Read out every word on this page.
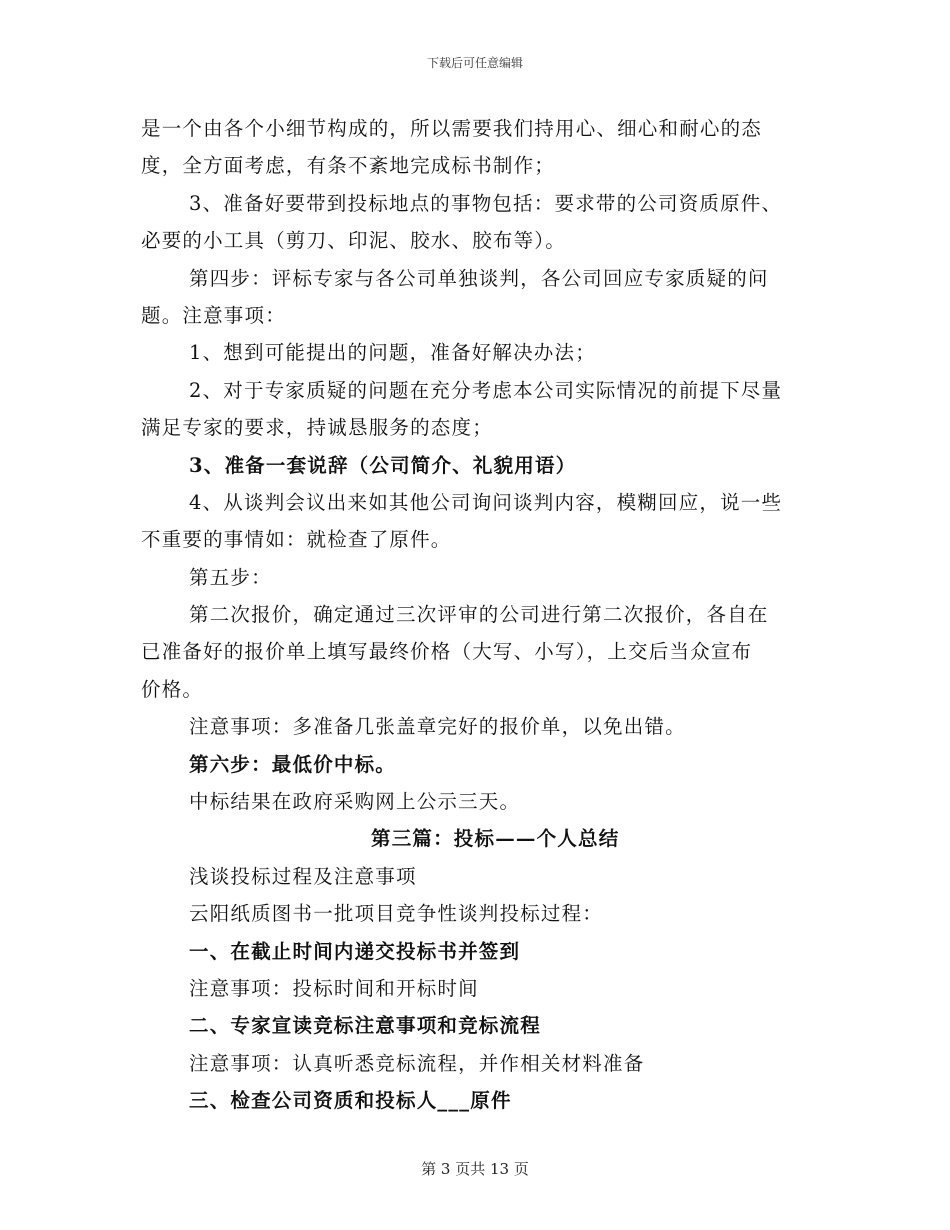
下载后可任意编辑
是一个由各个小细节构成的，所以需要我们持用心、细心和耐心的态
度，全方面考虑，有条不紊地完成标书制作；
3、准备好要带到投标地点的事物包括：要求带的公司资质原件、
必要的小工具（剪刀、印泥、胶水、胶布等）。
第四步：评标专家与各公司单独谈判，各公司回应专家质疑的问
题。注意事项：
1、想到可能提出的问题，准备好解决办法；
2、对于专家质疑的问题在充分考虑本公司实际情况的前提下尽量
满足专家的要求，持诚恳服务的态度；
3、准备一套说辞（公司简介、礼貌用语）
4、从谈判会议出来如其他公司询问谈判内容，模糊回应，说一些
不重要的事情如：就检查了原件。
第五步：
第二次报价，确定通过三次评审的公司进行第二次报价，各自在
已准备好的报价单上填写最终价格（大写、小写），上交后当众宣布
价格。
注意事项：多准备几张盖章完好的报价单，以免出错。
第六步：最低价中标。
中标结果在政府采购网上公示三天。
第三篇：投标——个人总结
浅谈投标过程及注意事项
云阳纸质图书一批项目竞争性谈判投标过程：
一、在截止时间内递交投标书并签到
注意事项：投标时间和开标时间
二、专家宣读竞标注意事项和竞标流程
注意事项：认真听悉竞标流程，并作相关材料准备
三、检查公司资质和投标人___原件
第 3 页共 13 页
